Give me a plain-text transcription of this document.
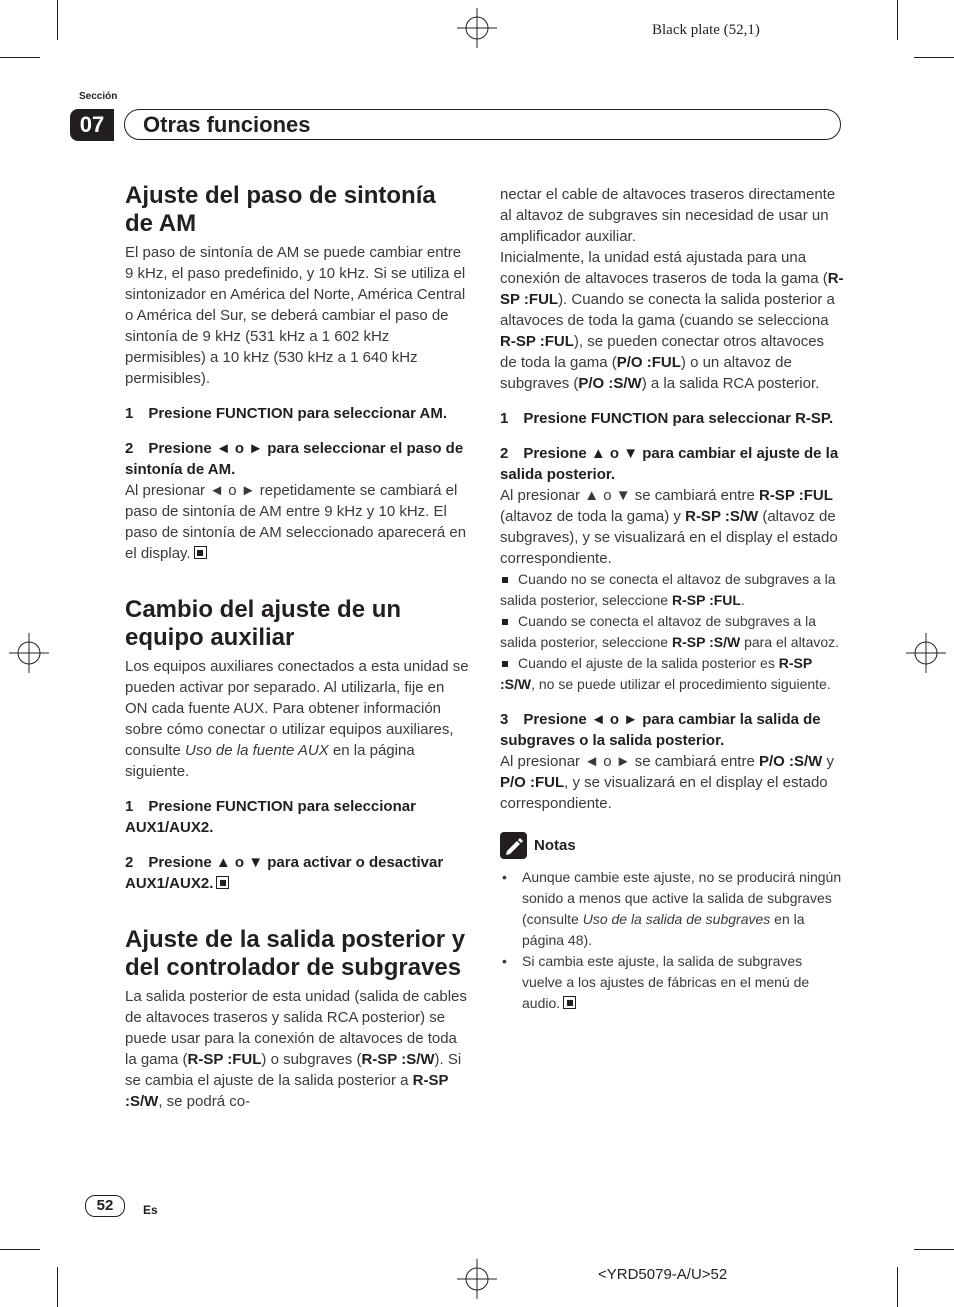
Black plate (52,1)
Sección
07	Otras funciones
Ajuste del paso de sintonía de AM

El paso de sintonía de AM se puede cambiar entre 9 kHz, el paso predefinido, y 10 kHz. Si se utiliza el sintonizador en América del Norte, América Central o América del Sur, se deberá cambiar el paso de sintonía de 9 kHz (531 kHz a 1 602 kHz permisibles) a 10 kHz (530 kHz a 1 640 kHz permisibles).

1  Presione FUNCTION para seleccionar AM.

2  Presione ◄ o ► para seleccionar el paso de sintonía de AM.

Al presionar ◄ o ► repetidamente se cambiará el paso de sintonía de AM entre 9 kHz y 10 kHz. El paso de sintonía de AM seleccionado aparecerá en el display.

Cambio del ajuste de un equipo auxiliar

Los equipos auxiliares conectados a esta unidad se pueden activar por separado. Al utilizarla, fije en ON cada fuente AUX. Para obtener información sobre cómo conectar o utilizar equipos auxiliares, consulte Uso de la fuente AUX en la página siguiente.

1  Presione FUNCTION para seleccionar AUX1/AUX2.

2  Presione ▲ o ▼ para activar o desactivar AUX1/AUX2.

Ajuste de la salida posterior y del controlador de subgraves

La salida posterior de esta unidad (salida de cables de altavoces traseros y salida RCA posterior) se puede usar para la conexión de altavoces de toda la gama (R-SP :FUL) o subgraves (R-SP :S/W). Si se cambia el ajuste de la salida posterior a R-SP :S/W, se podrá co-

nectar el cable de altavoces traseros directamente al altavoz de subgraves sin necesidad de usar un amplificador auxiliar.

Inicialmente, la unidad está ajustada para una conexión de altavoces traseros de toda la gama (R-SP :FUL). Cuando se conecta la salida posterior a altavoces de toda la gama (cuando se selecciona R-SP :FUL), se pueden conectar otros altavoces de toda la gama (P/O :FUL) o un altavoz de subgraves (P/O :S/W) a la salida RCA posterior.

1  Presione FUNCTION para seleccionar R-SP.

2  Presione ▲ o ▼ para cambiar el ajuste de la salida posterior.

Al presionar ▲ o ▼ se cambiará entre R-SP :FUL (altavoz de toda la gama) y R-SP :S/W (altavoz de subgraves), y se visualizará en el display el estado correspondiente.

Cuando no se conecta el altavoz de subgraves a la salida posterior, seleccione R-SP :FUL.

Cuando se conecta el altavoz de subgraves a la salida posterior, seleccione R-SP :S/W para el altavoz.

Cuando el ajuste de la salida posterior es R-SP :S/W, no se puede utilizar el procedimiento siguiente.

3  Presione ◄ o ► para cambiar la salida de subgraves o la salida posterior.

Al presionar ◄ o ► se cambiará entre P/O :S/W y P/O :FUL, y se visualizará en el display el estado correspondiente.

Notas
• Aunque cambie este ajuste, no se producirá ningún sonido a menos que active la salida de subgraves (consulte Uso de la salida de subgraves en la página 48).
• Si cambia este ajuste, la salida de subgraves vuelve a los ajustes de fábricas en el menú de audio.
52	Es
<YRD5079-A/U>52
